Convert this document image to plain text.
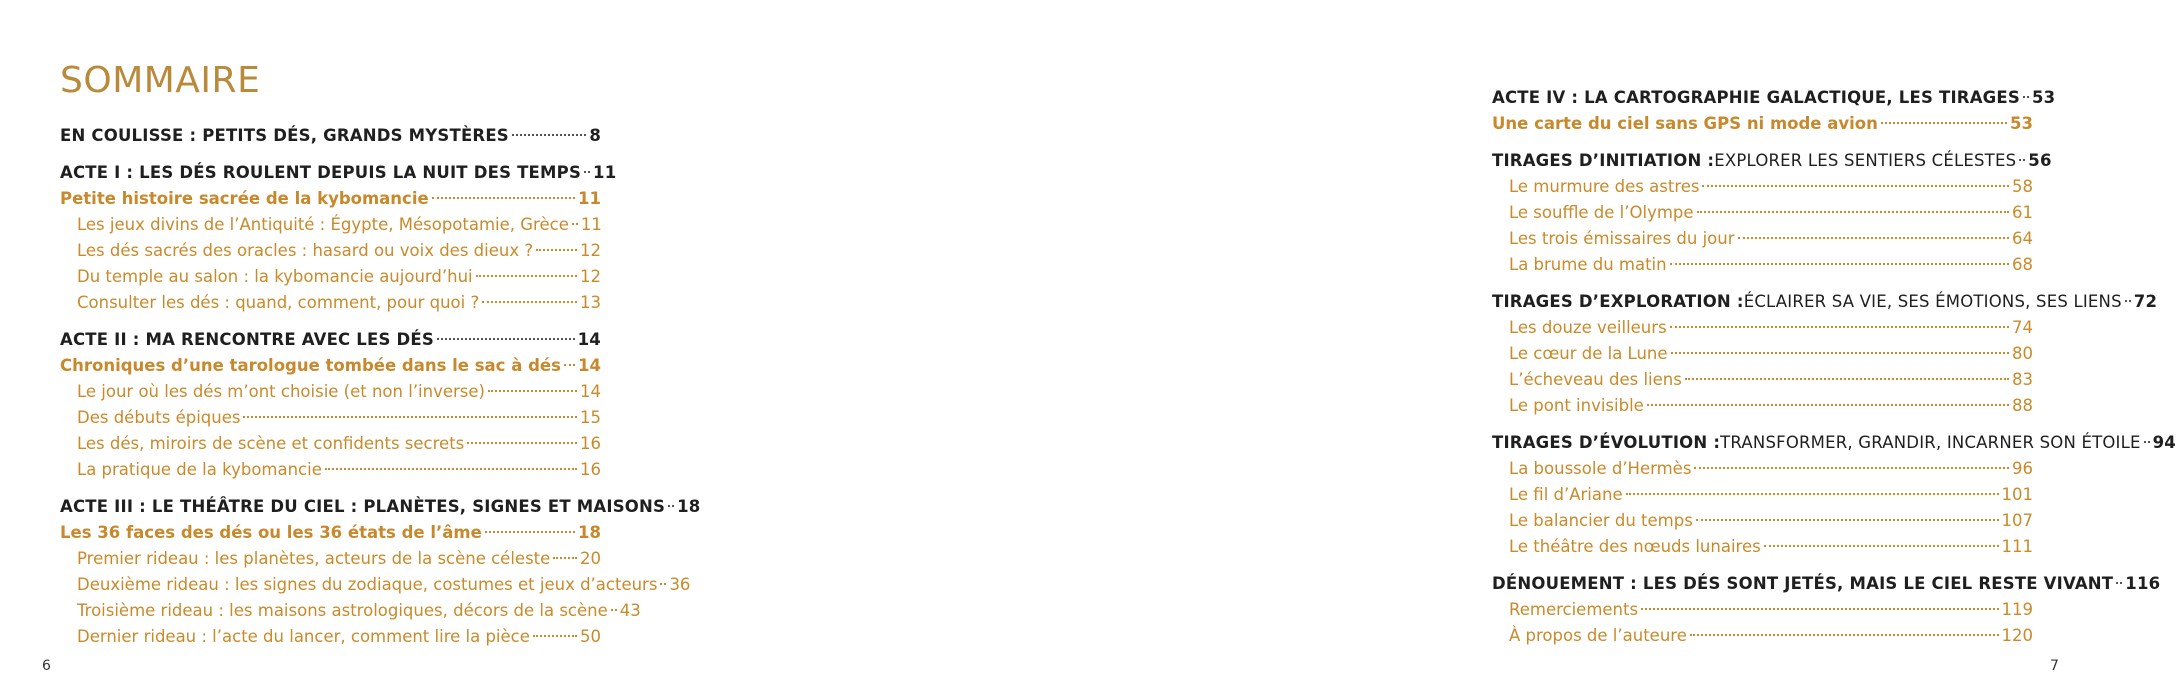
SOMMAIRE
EN COULISSE : PETITS DÉS, GRANDS MYSTÈRES	8
ACTE I : LES DÉS ROULENT DEPUIS LA NUIT DES TEMPS 11
Petite histoire sacrée de la kybomancie	11
Les jeux divins de l’Antiquité : Égypte, Mésopotamie, Grèce 11
Les dés sacrés des oracles : hasard ou voix des dieux ?	12
Du temple au salon : la kybomancie aujourd’hui	12
Consulter les dés : quand, comment, pour quoi ?	13
ACTE II : MA RENCONTRE AVEC LES DÉS	14
Chroniques d’une tarologue tombée dans le sac à dés 14
Le jour où les dés m’ont choisie (et non l’inverse)	14
Des débuts épiques	15
Les dés, miroirs de scène et confidents secrets	16
La pratique de la kybomancie	16
ACTE III : LE THÉÂTRE DU CIEL : PLANÈTES, SIGNES ET MAISONS 18
Les 36 faces des dés ou les 36 états de l’âme	18
Premier rideau : les planètes, acteurs de la scène céleste 20
Deuxième rideau : les signes du zodiaque, costumes et jeux d’acteurs 36
Troisième rideau : les maisons astrologiques, décors de la scène 43
Dernier rideau : l’acte du lancer, comment lire la pièce	50
6
ACTE IV : LA CARTOGRAPHIE GALACTIQUE, LES TIRAGES 53
Une carte du ciel sans GPS ni mode avion	53
TIRAGES D’INITIATION : EXPLORER LES SENTIERS CÉLESTES 56
Le murmure des astres	58
Le souffle de l’Olympe	61
Les trois émissaires du jour	64
La brume du matin	68
TIRAGES D’EXPLORATION : ÉCLAIRER SA VIE, SES ÉMOTIONS, SES LIENS 72
Les douze veilleurs	74
Le cœur de la Lune	80
L’écheveau des liens	83
Le pont invisible	88
TIRAGES D’ÉVOLUTION : TRANSFORMER, GRANDIR, INCARNER SON ÉTOILE 94
La boussole d’Hermès	96
Le fil d’Ariane	101
Le balancier du temps	107
Le théâtre des nœuds lunaires	111
DÉNOUEMENT : LES DÉS SONT JETÉS, MAIS LE CIEL RESTE VIVANT 116
Remerciements	119
À propos de l’auteure	120
7
